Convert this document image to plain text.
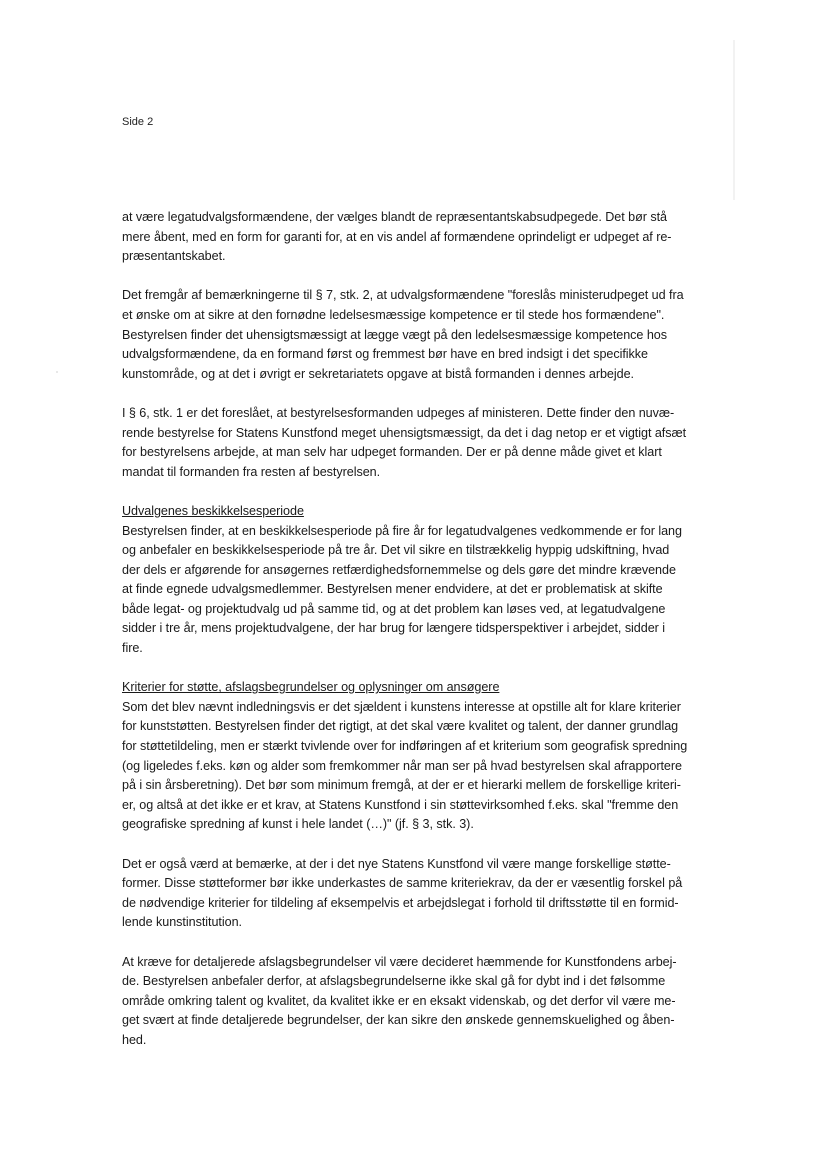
Side 2
at være legatudvalgsformændene, der vælges blandt de repræsentantskabsudpegede. Det bør stå
mere åbent, med en form for garanti for, at en vis andel af formændene oprindeligt er udpeget af re-
præsentantskabet.
Det fremgår af bemærkningerne til § 7, stk. 2, at udvalgsformændene "foreslås ministerudpeget ud fra
et ønske om at sikre at den fornødne ledelsesmæssige kompetence er til stede hos formændene".
Bestyrelsen finder det uhensigtsmæssigt at lægge vægt på den ledelsesmæssige kompetence hos
udvalgsformændene, da en formand først og fremmest bør have en bred indsigt i det specifikke
kunstområde, og at det i øvrigt er sekretariatets opgave at bistå formanden i dennes arbejde.
I § 6, stk. 1 er det foreslået, at bestyrelsesformanden udpeges af ministeren. Dette finder den nuvæ-
rende bestyrelse for Statens Kunstfond meget uhensigtsmæssigt, da det i dag netop er et vigtigt afsæt
for bestyrelsens arbejde, at man selv har udpeget formanden. Der er på denne måde givet et klart
mandat til formanden fra resten af bestyrelsen.
Udvalgenes beskikkelsesperiode
Bestyrelsen finder, at en beskikkelsesperiode på fire år for legatudvalgenes vedkommende er for lang
og anbefaler en beskikkelsesperiode på tre år. Det vil sikre en tilstrækkelig hyppig udskiftning, hvad
der dels er afgørende for ansøgernes retfærdighedsfornemmelse og dels gøre det mindre krævende
at finde egnede udvalgsmedlemmer. Bestyrelsen mener endvidere, at det er problematisk at skifte
både legat- og projektudvalg ud på samme tid, og at det problem kan løses ved, at legatudvalgene
sidder i tre år, mens projektudvalgene, der har brug for længere tidsperspektiver i arbejdet, sidder i
fire.
Kriterier for støtte, afslagsbegrundelser og oplysninger om ansøgere
Som det blev nævnt indledningsvis er det sjældent i kunstens interesse at opstille alt for klare kriterier
for kunststøtten. Bestyrelsen finder det rigtigt, at det skal være kvalitet og talent, der danner grundlag
for støttetildeling, men er stærkt tvivlende over for indføringen af et kriterium som geografisk spredning
(og ligeledes f.eks. køn og alder som fremkommer når man ser på hvad bestyrelsen skal afrapportere
på i sin årsberetning). Det bør som minimum fremgå, at der er et hierarki mellem de forskellige kriteri-
er, og altså at det ikke er et krav, at Statens Kunstfond i sin støttevirksomhed f.eks. skal "fremme den
geografiske spredning af kunst i hele landet (…)" (jf. § 3, stk. 3).
Det er også værd at bemærke, at der i det nye Statens Kunstfond vil være mange forskellige støtte-
former. Disse støtteformer bør ikke underkastes de samme kriteriekrav, da der er væsentlig forskel på
de nødvendige kriterier for tildeling af eksempelvis et arbejdslegat i forhold til driftsstøtte til en formid-
lende kunstinstitution.
At kræve for detaljerede afslagsbegrundelser vil være decideret hæmmende for Kunstfondens arbej-
de. Bestyrelsen anbefaler derfor, at afslagsbegrundelserne ikke skal gå for dybt ind i det følsomme
område omkring talent og kvalitet, da kvalitet ikke er en eksakt videnskab, og det derfor vil være me-
get svært at finde detaljerede begrundelser, der kan sikre den ønskede gennemskuelighed og åben-
hed.
